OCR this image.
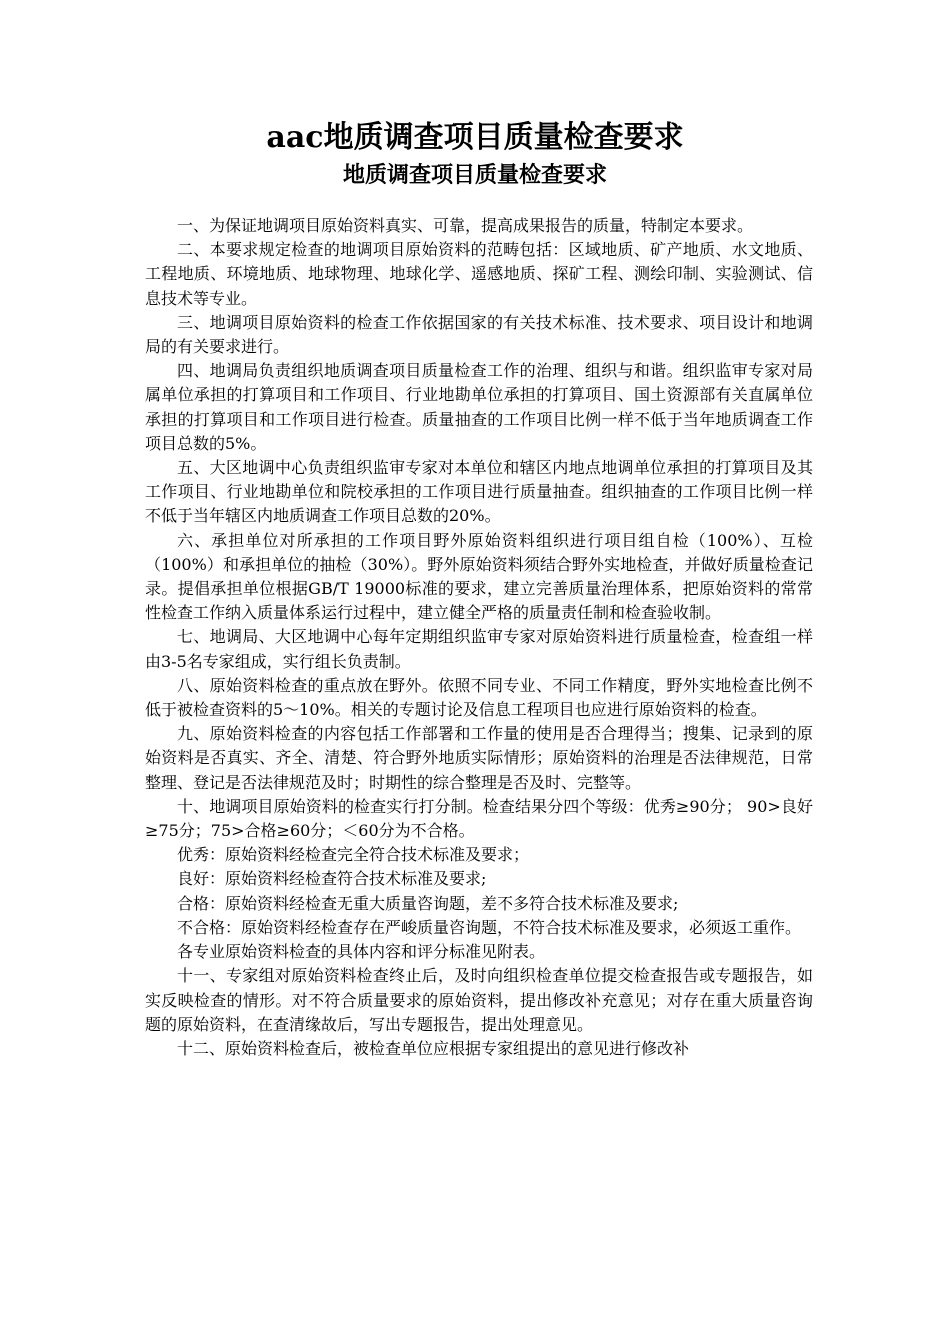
aac地质调查项目质量检查要求
地质调查项目质量检查要求

一、为保证地调项目原始资料真实、可靠，提高成果报告的质量，特制定本要求。

二、本要求规定检查的地调项目原始资料的范畴包括：区域地质、矿产地质、水文地质、工程地质、环境地质、地球物理、地球化学、遥感地质、探矿工程、测绘印制、实验测试、信息技术等专业。

三、地调项目原始资料的检查工作依据国家的有关技术标准、技术要求、项目设计和地调局的有关要求进行。

四、地调局负责组织地质调查项目质量检查工作的治理、组织与和谐。组织监审专家对局属单位承担的打算项目和工作项目、行业地勘单位承担的打算项目、国土资源部有关直属单位承担的打算项目和工作项目进行检查。质量抽查的工作项目比例一样不低于当年地质调查工作项目总数的5%。

五、大区地调中心负责组织监审专家对本单位和辖区内地点地调单位承担的打算项目及其工作项目、行业地勘单位和院校承担的工作项目进行质量抽查。组织抽查的工作项目比例一样不低于当年辖区内地质调查工作项目总数的20%。

六、承担单位对所承担的工作项目野外原始资料组织进行项目组自检（100%）、互检（100%）和承担单位的抽检（30%）。野外原始资料须结合野外实地检查，并做好质量检查记录。提倡承担单位根据GB/T 19000标准的要求，建立完善质量治理体系，把原始资料的常常性检查工作纳入质量体系运行过程中，建立健全严格的质量责任制和检查验收制。

七、地调局、大区地调中心每年定期组织监审专家对原始资料进行质量检查，检查组一样由3-5名专家组成，实行组长负责制。

八、原始资料检查的重点放在野外。依照不同专业、不同工作精度，野外实地检查比例不低于被检查资料的5～10%。相关的专题讨论及信息工程项目也应进行原始资料的检查。

九、原始资料检查的内容包括工作部署和工作量的使用是否合理得当；搜集、记录到的原始资料是否真实、齐全、清楚、符合野外地质实际情形；原始资料的治理是否法律规范，日常整理、登记是否法律规范及时；时期性的综合整理是否及时、完整等。

十、地调项目原始资料的检查实行打分制。检查结果分四个等级：优秀≥90分； 90>良好≥75分；75>合格≥60分；＜60分为不合格。

优秀：原始资料经检查完全符合技术标准及要求；

良好：原始资料经检查符合技术标准及要求;

合格：原始资料经检查无重大质量咨询题，差不多符合技术标准及要求;

不合格：原始资料经检查存在严峻质量咨询题，不符合技术标准及要求，必须返工重作。

各专业原始资料检查的具体内容和评分标准见附表。

十一、专家组对原始资料检查终止后，及时向组织检查单位提交检查报告或专题报告，如实反映检查的情形。对不符合质量要求的原始资料，提出修改补充意见；对存在重大质量咨询题的原始资料，在查清缘故后，写出专题报告，提出处理意见。

十二、原始资料检查后，被检查单位应根据专家组提出的意见进行修改补
